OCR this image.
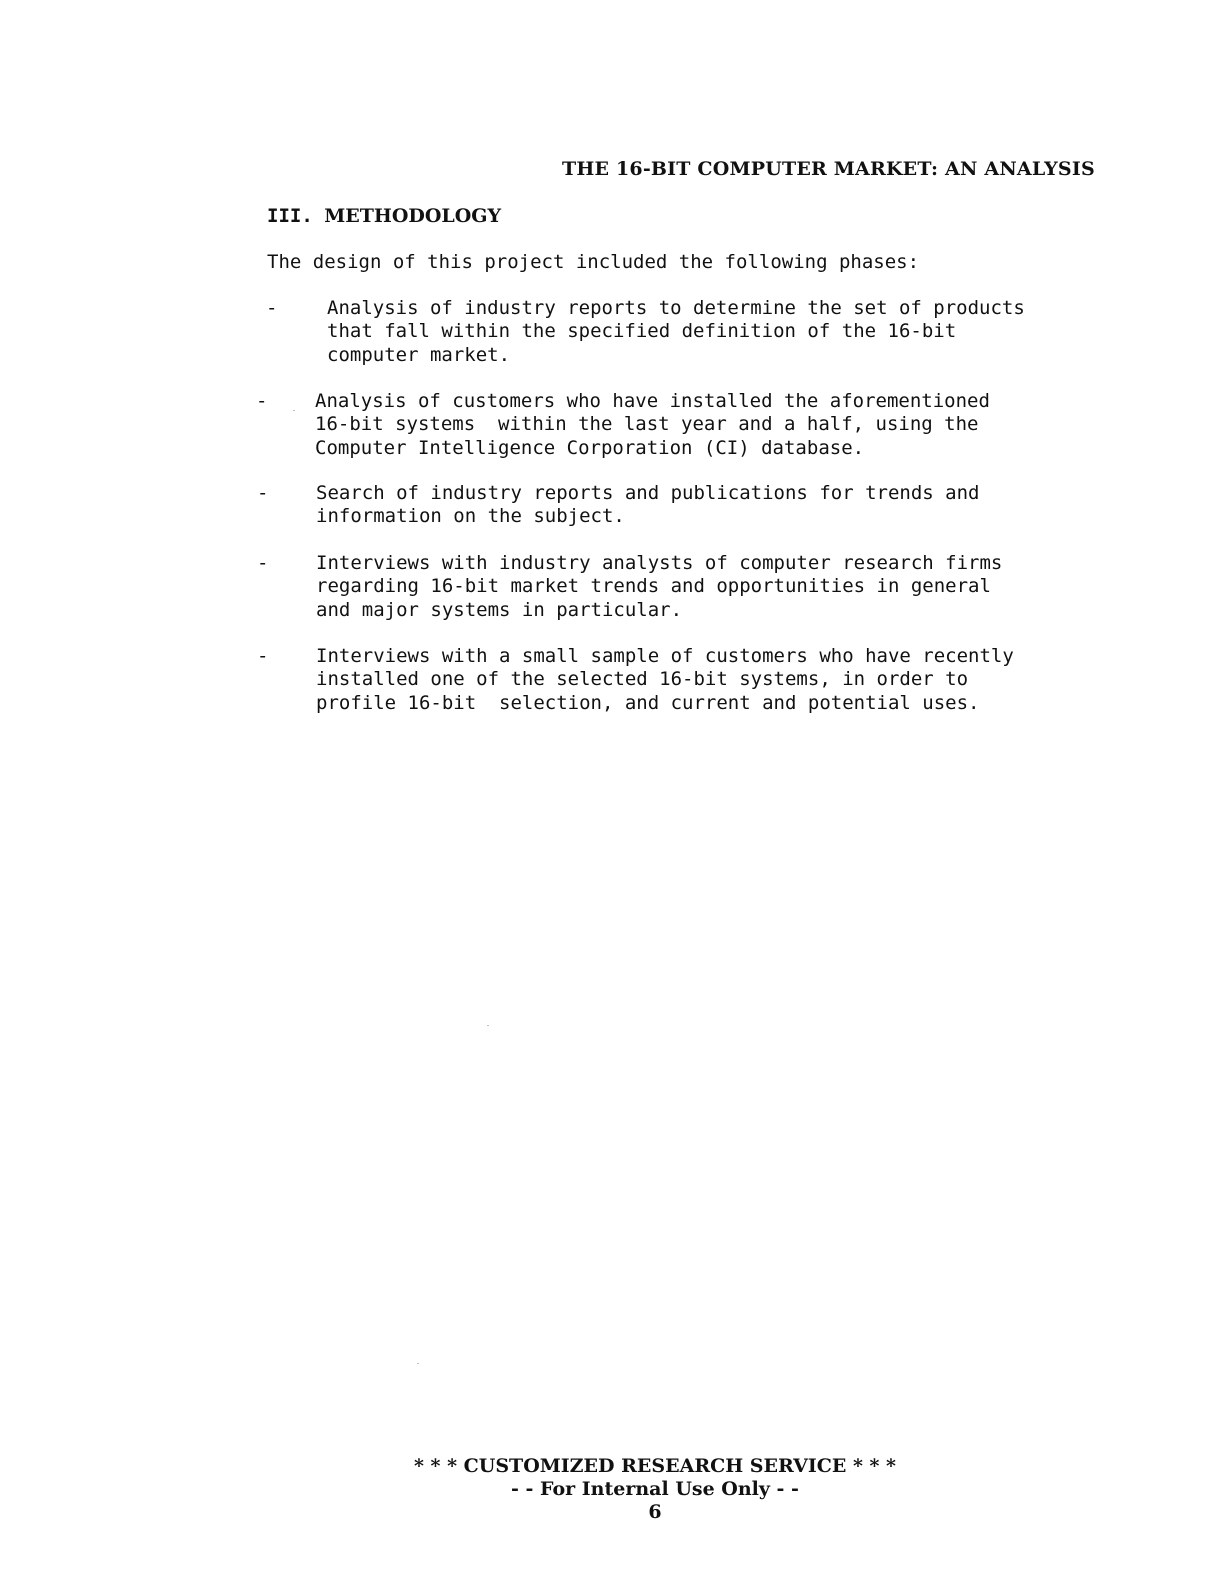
THE 16-BIT COMPUTER MARKET: AN ANALYSIS
III. METHODOLOGY
The design of this project included the following phases:
-	Analysis of industry reports to determine the set of products
that fall within the specified definition of the 16-bit
computer market.
-	Analysis of customers who have installed the aforementioned
16-bit systems  within the last year and a half, using the
Computer Intelligence Corporation (CI) database.
-	Search of industry reports and publications for trends and
information on the subject.
-	Interviews with industry analysts of computer research firms
regarding 16-bit market trends and opportunities in general
and major systems in particular.
-	Interviews with a small sample of customers who have recently
installed one of the selected 16-bit systems, in order to
profile 16-bit  selection, and current and potential uses.
* * * CUSTOMIZED RESEARCH SERVICE * * *
- - For Internal Use Only - -
6
